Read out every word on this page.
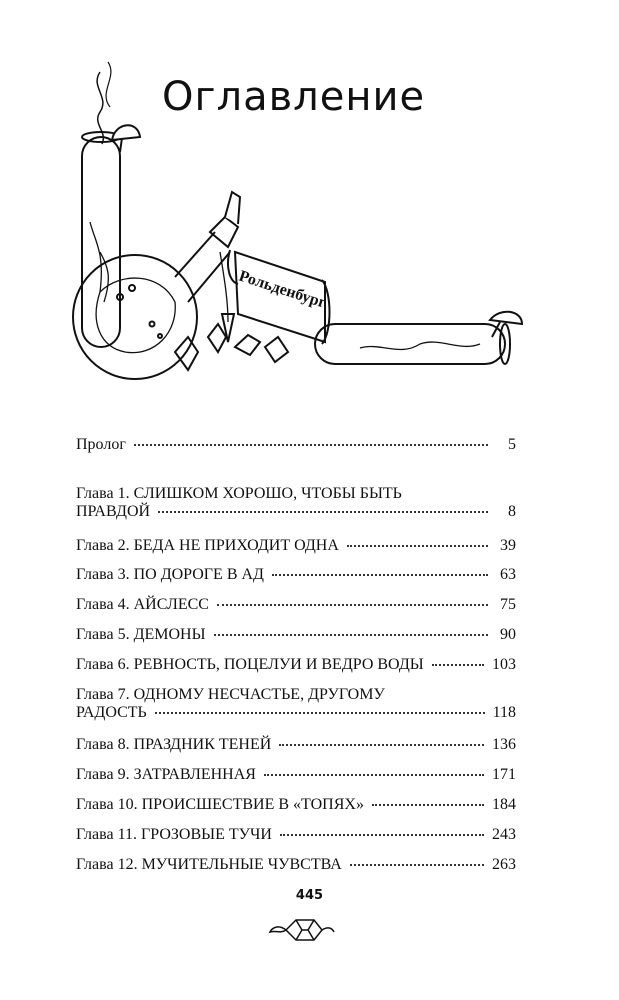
Оглавление
Рольденбург
Пролог	5
Глава 1. СЛИШКОМ ХОРОШО, ЧТОБЫ БЫТЬ
ПРАВДОЙ	8
Глава 2. БЕДА НЕ ПРИХОДИТ ОДНА	39
Глава 3. ПО ДОРОГЕ В АД	63
Глава 4. АЙСЛЕСС	75
Глава 5. ДЕМОНЫ	90
Глава 6. РЕВНОСТЬ, ПОЦЕЛУИ И ВЕДРО ВОДЫ	103
Глава 7. ОДНОМУ НЕСЧАСТЬЕ, ДРУГОМУ
РАДОСТЬ	118
Глава 8. ПРАЗДНИК ТЕНЕЙ	136
Глава 9. ЗАТРАВЛЕННАЯ	171
Глава 10. ПРОИСШЕСТВИЕ В «ТОПЯХ»	184
Глава 11. ГРОЗОВЫЕ ТУЧИ	243
Глава 12. МУЧИТЕЛЬНЫЕ ЧУВСТВА	263
445
